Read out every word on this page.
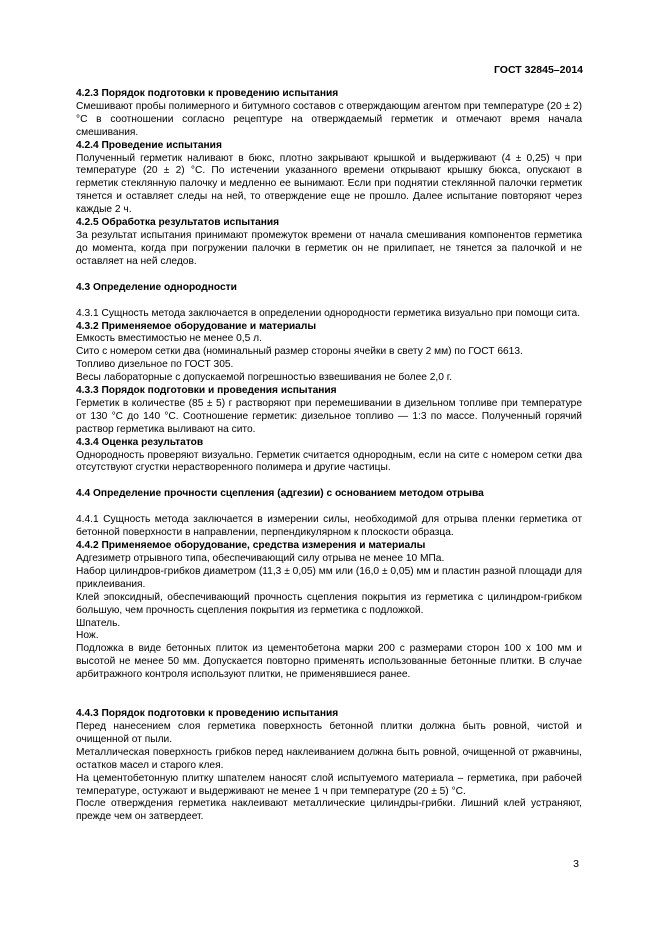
ГОСТ 32845–2014
4.2.3 Порядок подготовки к проведению испытания
Смешивают пробы полимерного и битумного составов с отверждающим агентом при температуре (20 ± 2) °С в соотношении согласно рецептуре на отверждаемый герметик и отмечают время начала смешивания.
4.2.4 Проведение испытания
Полученный герметик наливают в бюкс, плотно закрывают крышкой и выдерживают (4 ± 0,25) ч при температуре (20 ± 2) °С. По истечении указанного времени открывают крышку бюкса, опускают в герметик стеклянную палочку и медленно ее вынимают. Если при поднятии стеклянной палочки герметик тянется и оставляет следы на ней, то отверждение еще не прошло. Далее испытание повторяют через каждые 2 ч.
4.2.5 Обработка результатов испытания
За результат испытания принимают промежуток времени от начала смешивания компонентов герметика до момента, когда при погружении палочки в герметик он не прилипает, не тянется за палочкой и не оставляет на ней следов.
4.3 Определение однородности
4.3.1 Сущность метода заключается в определении однородности герметика визуально при помощи сита.
4.3.2 Применяемое оборудование и материалы
Емкость вместимостью не менее 0,5 л.
Сито с номером сетки два (номинальный размер стороны ячейки в свету 2 мм) по ГОСТ 6613.
Топливо дизельное по ГОСТ 305.
Весы лабораторные с допускаемой погрешностью взвешивания не более 2,0 г.
4.3.3 Порядок подготовки и проведения испытания
Герметик в количестве (85 ± 5) г растворяют при перемешивании в дизельном топливе при температуре от 130 °С до 140 °С. Соотношение герметик: дизельное топливо — 1:3 по массе. Полученный горячий раствор герметика выливают на сито.
4.3.4 Оценка результатов
Однородность проверяют визуально. Герметик считается однородным, если на сите с номером сетки два отсутствуют сгустки нерастворенного полимера и другие частицы.
4.4 Определение прочности сцепления (адгезии) с основанием методом отрыва
4.4.1 Сущность метода заключается в измерении силы, необходимой для отрыва пленки герметика от бетонной поверхности в направлении, перпендикулярном к плоскости образца.
4.4.2 Применяемое оборудование, средства измерения и материалы
Адгезиметр отрывного типа, обеспечивающий силу отрыва не менее 10 МПа.
Набор цилиндров-грибков диаметром (11,3 ± 0,05) мм или (16,0 ± 0,05) мм и пластин разной площади для приклеивания.
Клей эпоксидный, обеспечивающий прочность сцепления покрытия из герметика с цилиндром-грибком большую, чем прочность сцепления покрытия из герметика с подложкой.
Шпатель.
Нож.
Подложка в виде бетонных плиток из цементобетона марки 200 с размерами сторон 100 х 100 мм и высотой не менее 50 мм. Допускается повторно применять использованные бетонные плитки. В случае арбитражного контроля используют плитки, не применявшиеся ранее.
4.4.3 Порядок подготовки к проведению испытания
Перед нанесением слоя герметика поверхность бетонной плитки должна быть ровной, чистой и очищенной от пыли.
Металлическая поверхность грибков перед наклеиванием должна быть ровной, очищенной от ржавчины, остатков масел и старого клея.
На цементобетонную плитку шпателем наносят слой испытуемого материала – герметика, при рабочей температуре, остужают и выдерживают не менее 1 ч при температуре (20 ± 5) °С.
После отверждения герметика наклеивают металлические цилиндры-грибки. Лишний клей устраняют, прежде чем он затвердеет.
3
